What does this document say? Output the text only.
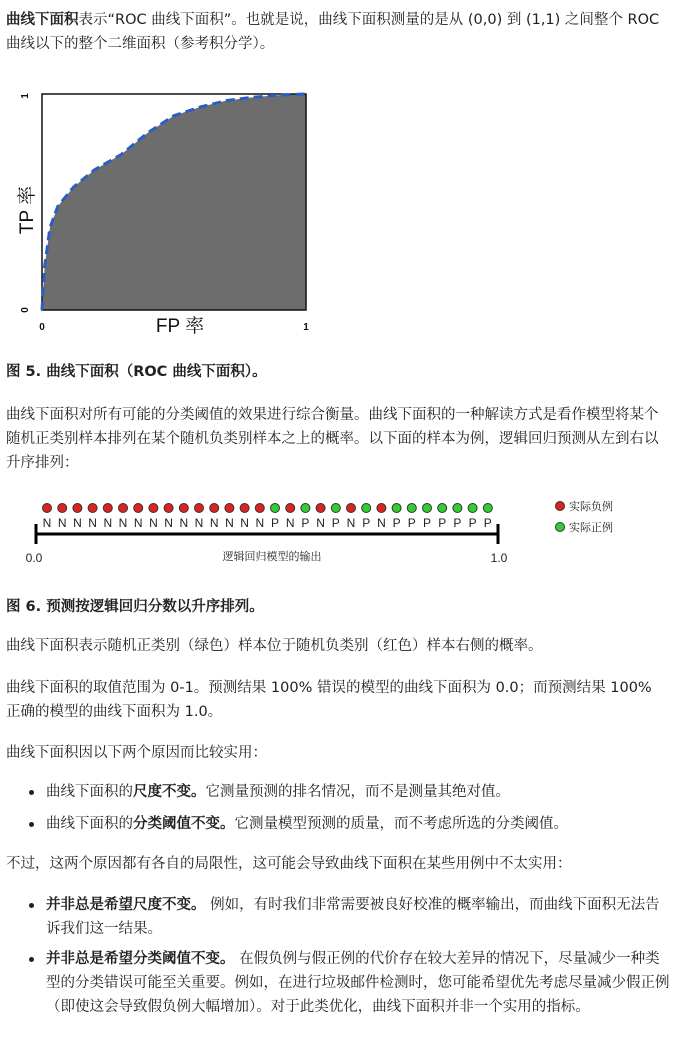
曲线下面积表示“ROC 曲线下面积”。也就是说，曲线下面积测量的是从 (0,0) 到 (1,1) 之间整个 ROC 曲线以下的整个二维面积（参考积分学）。

TP 率
FP 率
0	1
0
1

图 5. 曲线下面积（ROC 曲线下面积）。

曲线下面积对所有可能的分类阈值的效果进行综合衡量。曲线下面积的一种解读方式是看作模型将某个随机正类别样本排列在某个随机负类别样本之上的概率。以下面的样本为例，逻辑回归预测从左到右以升序排列：

N N N N N N N N N N N N N N N P N P N P N P N P P P P P P P
0.0	1.0
逻辑回归模型的输出
实际负例
实际正例

图 6. 预测按逻辑回归分数以升序排列。

曲线下面积表示随机正类别（绿色）样本位于随机负类别（红色）样本右侧的概率。

曲线下面积的取值范围为 0-1。预测结果 100% 错误的模型的曲线下面积为 0.0；而预测结果 100% 正确的模型的曲线下面积为 1.0。

曲线下面积因以下两个原因而比较实用：

曲线下面积的尺度不变。它测量预测的排名情况，而不是测量其绝对值。
曲线下面积的分类阈值不变。它测量模型预测的质量，而不考虑所选的分类阈值。

不过，这两个原因都有各自的局限性，这可能会导致曲线下面积在某些用例中不太实用：

并非总是希望尺度不变。 例如，有时我们非常需要被良好校准的概率输出，而曲线下面积无法告诉我们这一结果。
并非总是希望分类阈值不变。 在假负例与假正例的代价存在较大差异的情况下，尽量减少一种类型的分类错误可能至关重要。例如，在进行垃圾邮件检测时，您可能希望优先考虑尽量减少假正例（即使这会导致假负例大幅增加）。对于此类优化，曲线下面积并非一个实用的指标。
